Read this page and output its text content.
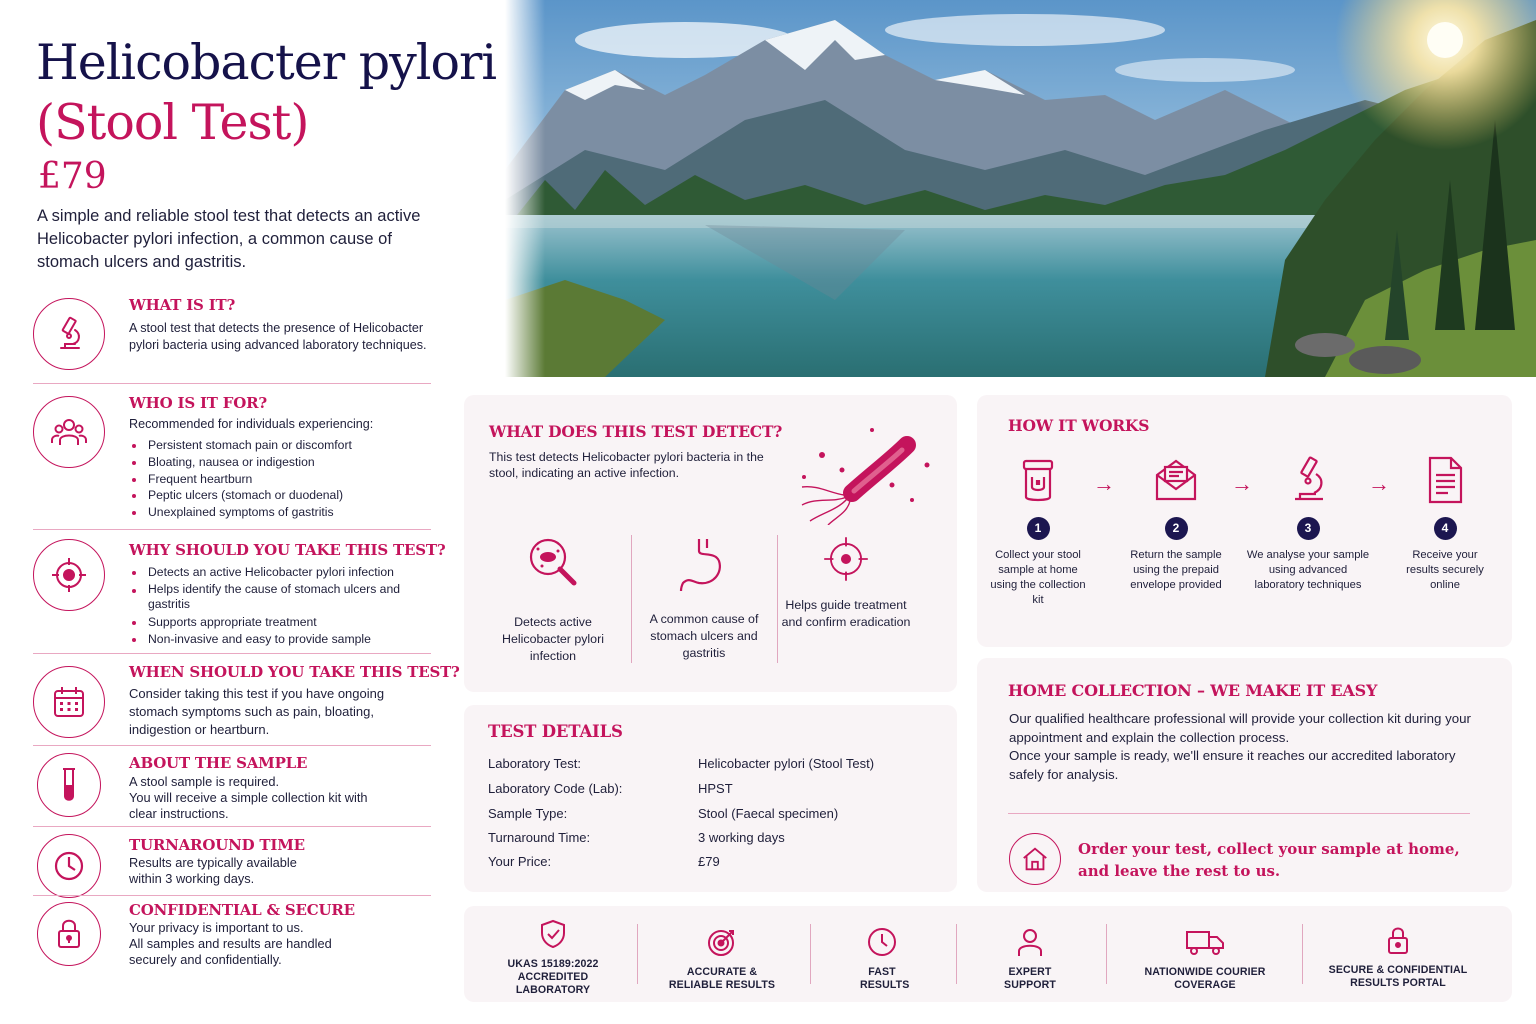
Helicobacter pylori
(Stool Test)
£79
A simple and reliable stool test that detects an active Helicobacter pylori infection, a common cause of stomach ulcers and gastritis.
WHAT IS IT?
A stool test that detects the presence of Helicobacter pylori bacteria using advanced laboratory techniques.
WHO IS IT FOR?
Recommended for individuals experiencing:
Persistent stomach pain or discomfort
Bloating, nausea or indigestion
Frequent heartburn
Peptic ulcers (stomach or duodenal)
Unexplained symptoms of gastritis
WHY SHOULD YOU TAKE THIS TEST?
Detects an active Helicobacter pylori infection
Helps identify the cause of stomach ulcers and gastritis
Supports appropriate treatment
Non-invasive and easy to provide sample
WHEN SHOULD YOU TAKE THIS TEST?
Consider taking this test if you have ongoing stomach symptoms such as pain, bloating, indigestion or heartburn.
ABOUT THE SAMPLE
A stool sample is required.
You will receive a simple collection kit with clear instructions.
TURNAROUND TIME
Results are typically available within 3 working days.
CONFIDENTIAL & SECURE
Your privacy is important to us.
All samples and results are handled securely and confidentially.
WHAT DOES THIS TEST DETECT?
This test detects Helicobacter pylori bacteria in the stool, indicating an active infection.
Detects active Helicobacter pylori infection
A common cause of stomach ulcers and gastritis
Helps guide treatment and confirm eradication
TEST DETAILS
Laboratory Test:	Helicobacter pylori (Stool Test)
Laboratory Code (Lab):	HPST
Sample Type:	Stool (Faecal specimen)
Turnaround Time:	3 working days
Your Price:	£79
HOW IT WORKS
1
Collect your stool sample at home using the collection kit
→
2
Return the sample using the prepaid envelope provided
→
3
We analyse your sample using advanced laboratory techniques
→
4
Receive your results securely online
HOME COLLECTION – WE MAKE IT EASY
Our qualified healthcare professional will provide your collection kit during your appointment and explain the collection process.
Once your sample is ready, we'll ensure it reaches our accredited laboratory safely for analysis.
Order your test, collect your sample at home,
and leave the rest to us.
UKAS 15189:2022 ACCREDITED LABORATORY
ACCURATE & RELIABLE RESULTS
FAST RESULTS
EXPERT SUPPORT
NATIONWIDE COURIER COVERAGE
SECURE & CONFIDENTIAL RESULTS PORTAL
